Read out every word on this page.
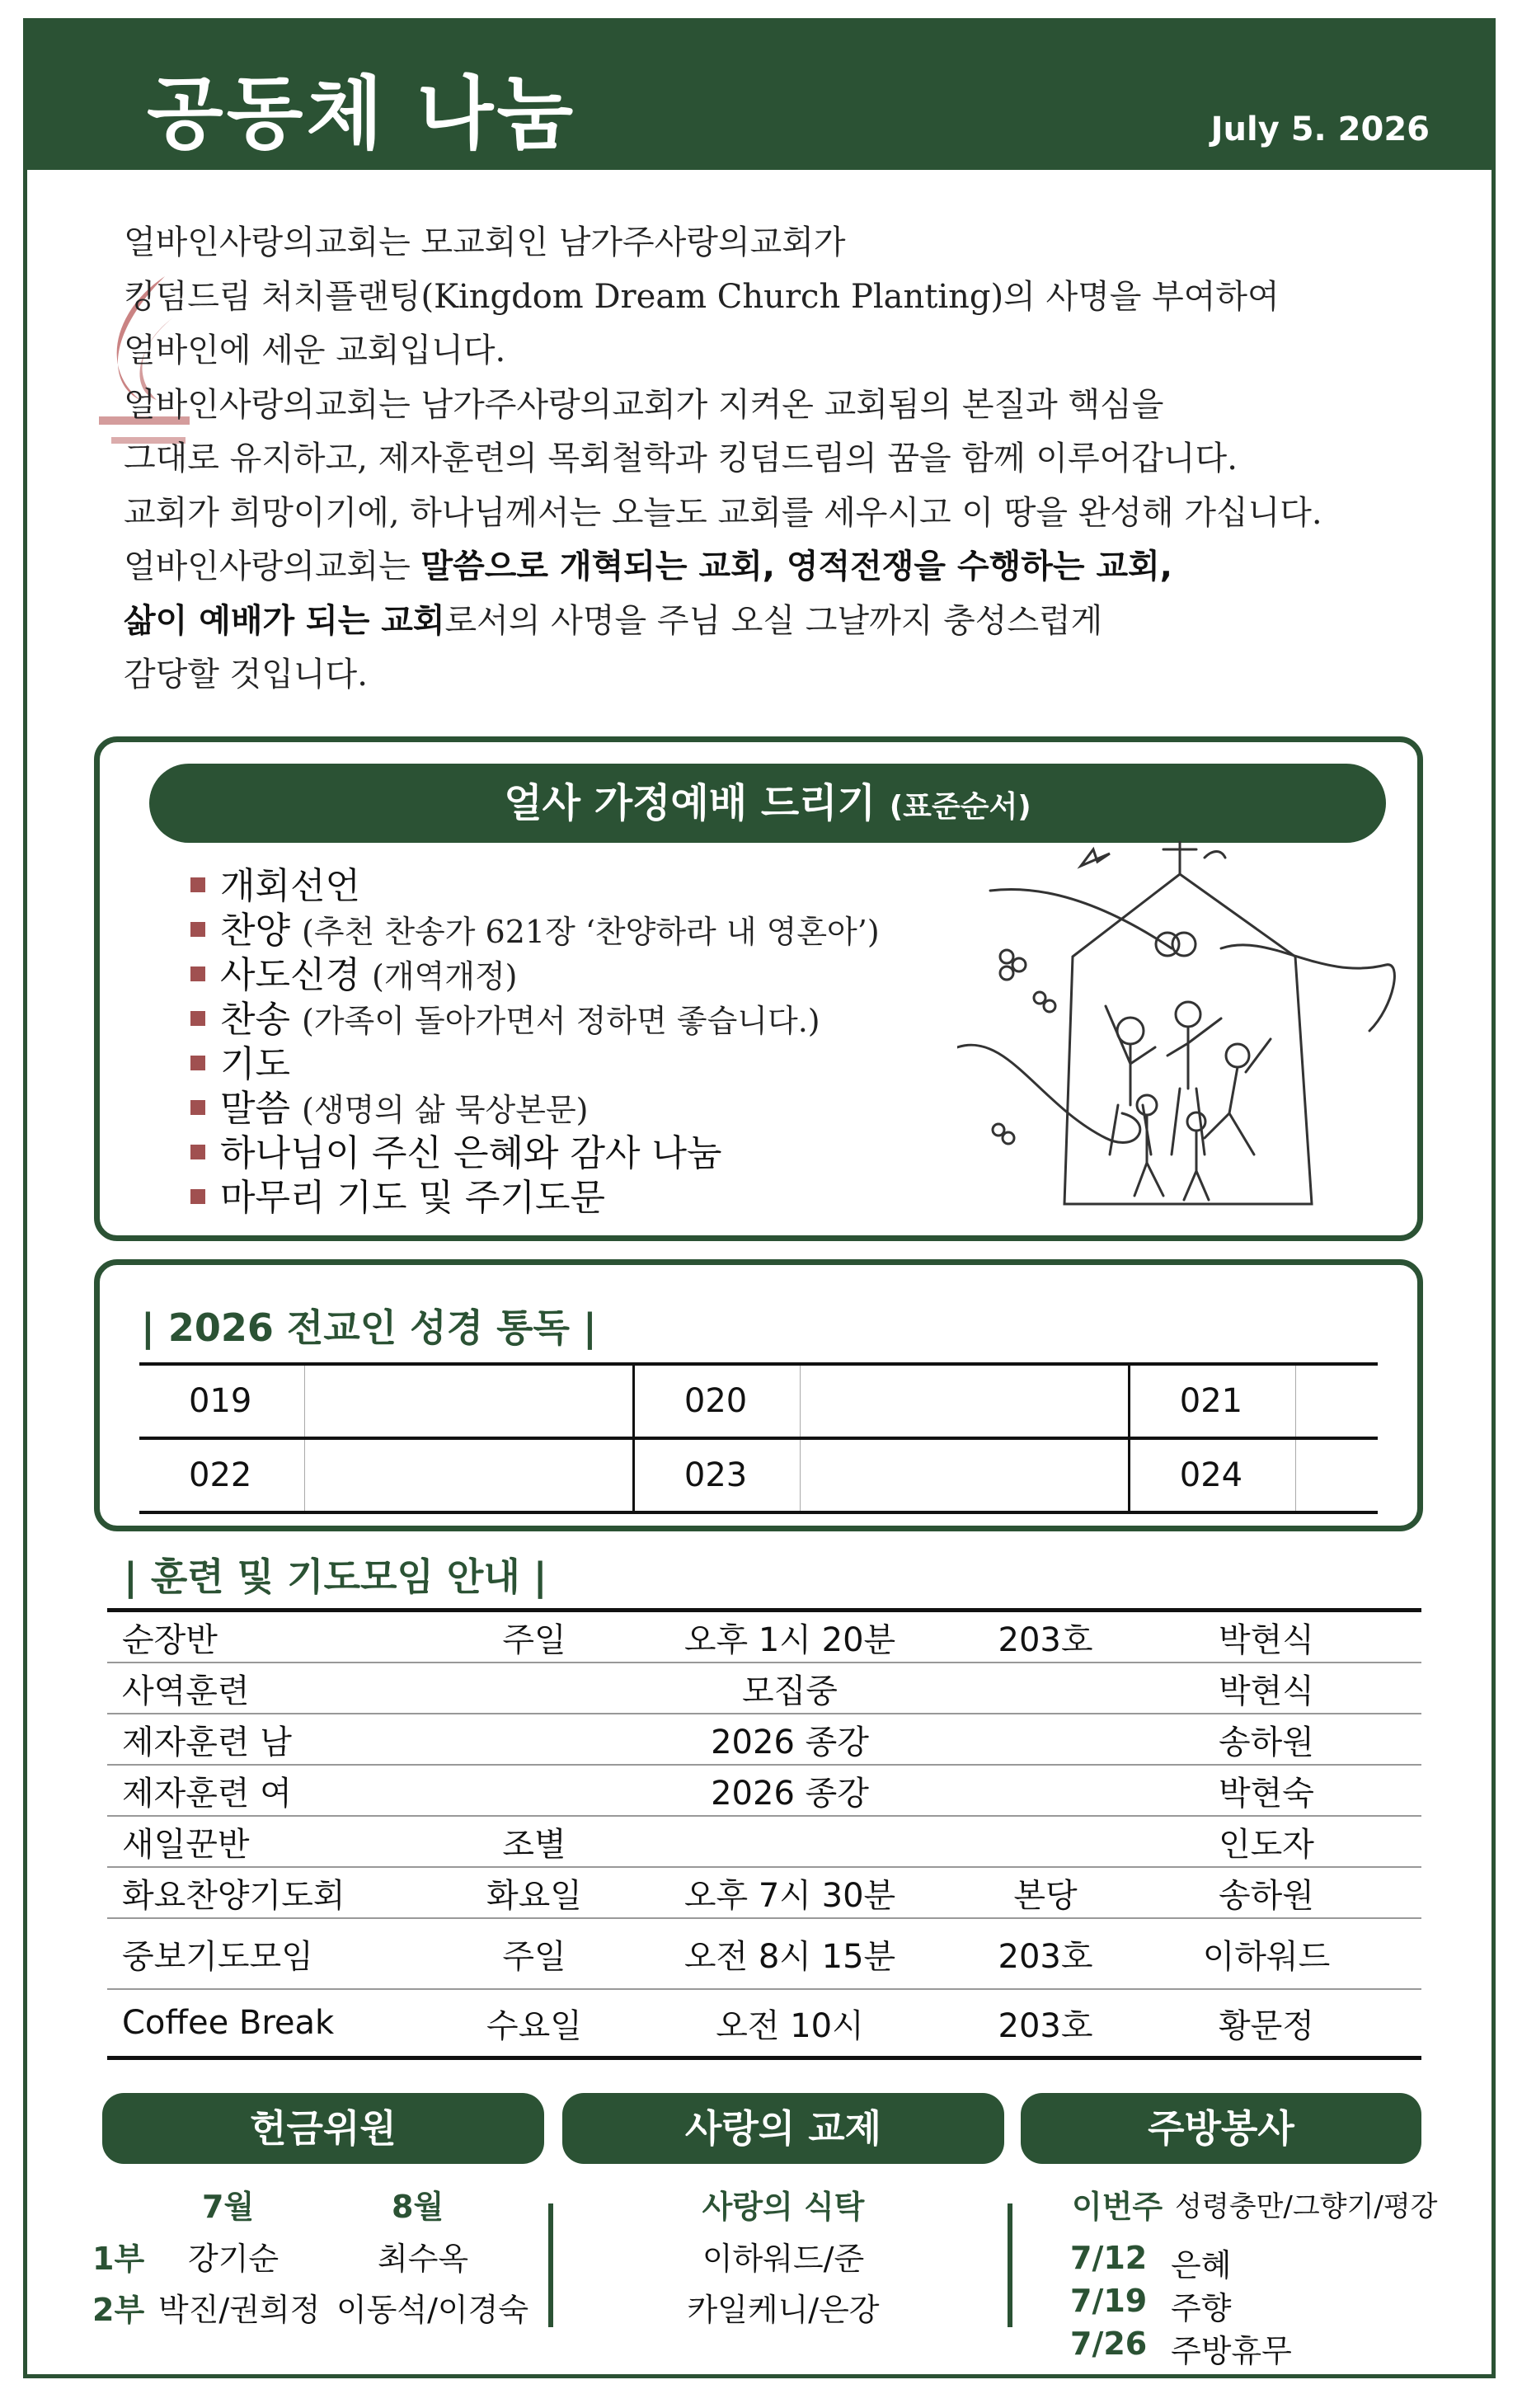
공동체 나눔	July 5. 2026

얼바인사랑의교회는 모교회인 남가주사랑의교회가

킹덤드림 처치플랜팅(Kingdom Dream Church Planting)의 사명을 부여하여

얼바인에 세운 교회입니다.

얼바인사랑의교회는 남가주사랑의교회가 지켜온 교회됨의 본질과 핵심을

그대로 유지하고, 제자훈련의 목회철학과 킹덤드림의 꿈을 함께 이루어갑니다.

교회가 희망이기에, 하나님께서는 오늘도 교회를 세우시고 이 땅을 완성해 가십니다.

얼바인사랑의교회는 말씀으로 개혁되는 교회, 영적전쟁을 수행하는 교회,

삶이 예배가 되는 교회로서의 사명을 주님 오실 그날까지 충성스럽게

감당할 것입니다.

얼사 가정예배 드리기 (표준순서)
개회선언
찬양 (추천 찬송가 621장 ‘찬양하라 내 영혼아’)
사도신경 (개역개정)
찬송 (가족이 돌아가면서 정하면 좋습니다.)
기도
말씀 (생명의 삶 묵상본문)
하나님이 주신 은혜와 감사 나눔
마무리 기도 및 주기도문
| 2026 전교인 성경 통독 |
019		020		021	
022		023		024	
| 훈련 및 기도모임 안내 |
순장반	주일	오후 1시 20분	203호	박현식
사역훈련		모집중		박현식
제자훈련 남		2026 종강		송하원
제자훈련 여		2026 종강		박현숙
새일꾼반	조별			인도자
화요찬양기도회	화요일	오후 7시 30분	본당	송하원
중보기도모임	주일	오전 8시 15분	203호	이하워드
Coffee Break	수요일	오전 10시	203호	황문정
헌금위원
7월	8월
1부 강기순	최수옥
2부 박진/권희정 이동석/이경숙
사랑의 교제
사랑의 식탁
이하워드/준
카일케니/은강
주방봉사
이번주 성령충만/그향기/평강
7/12 은혜
7/19 주향
7/26 주방휴무
